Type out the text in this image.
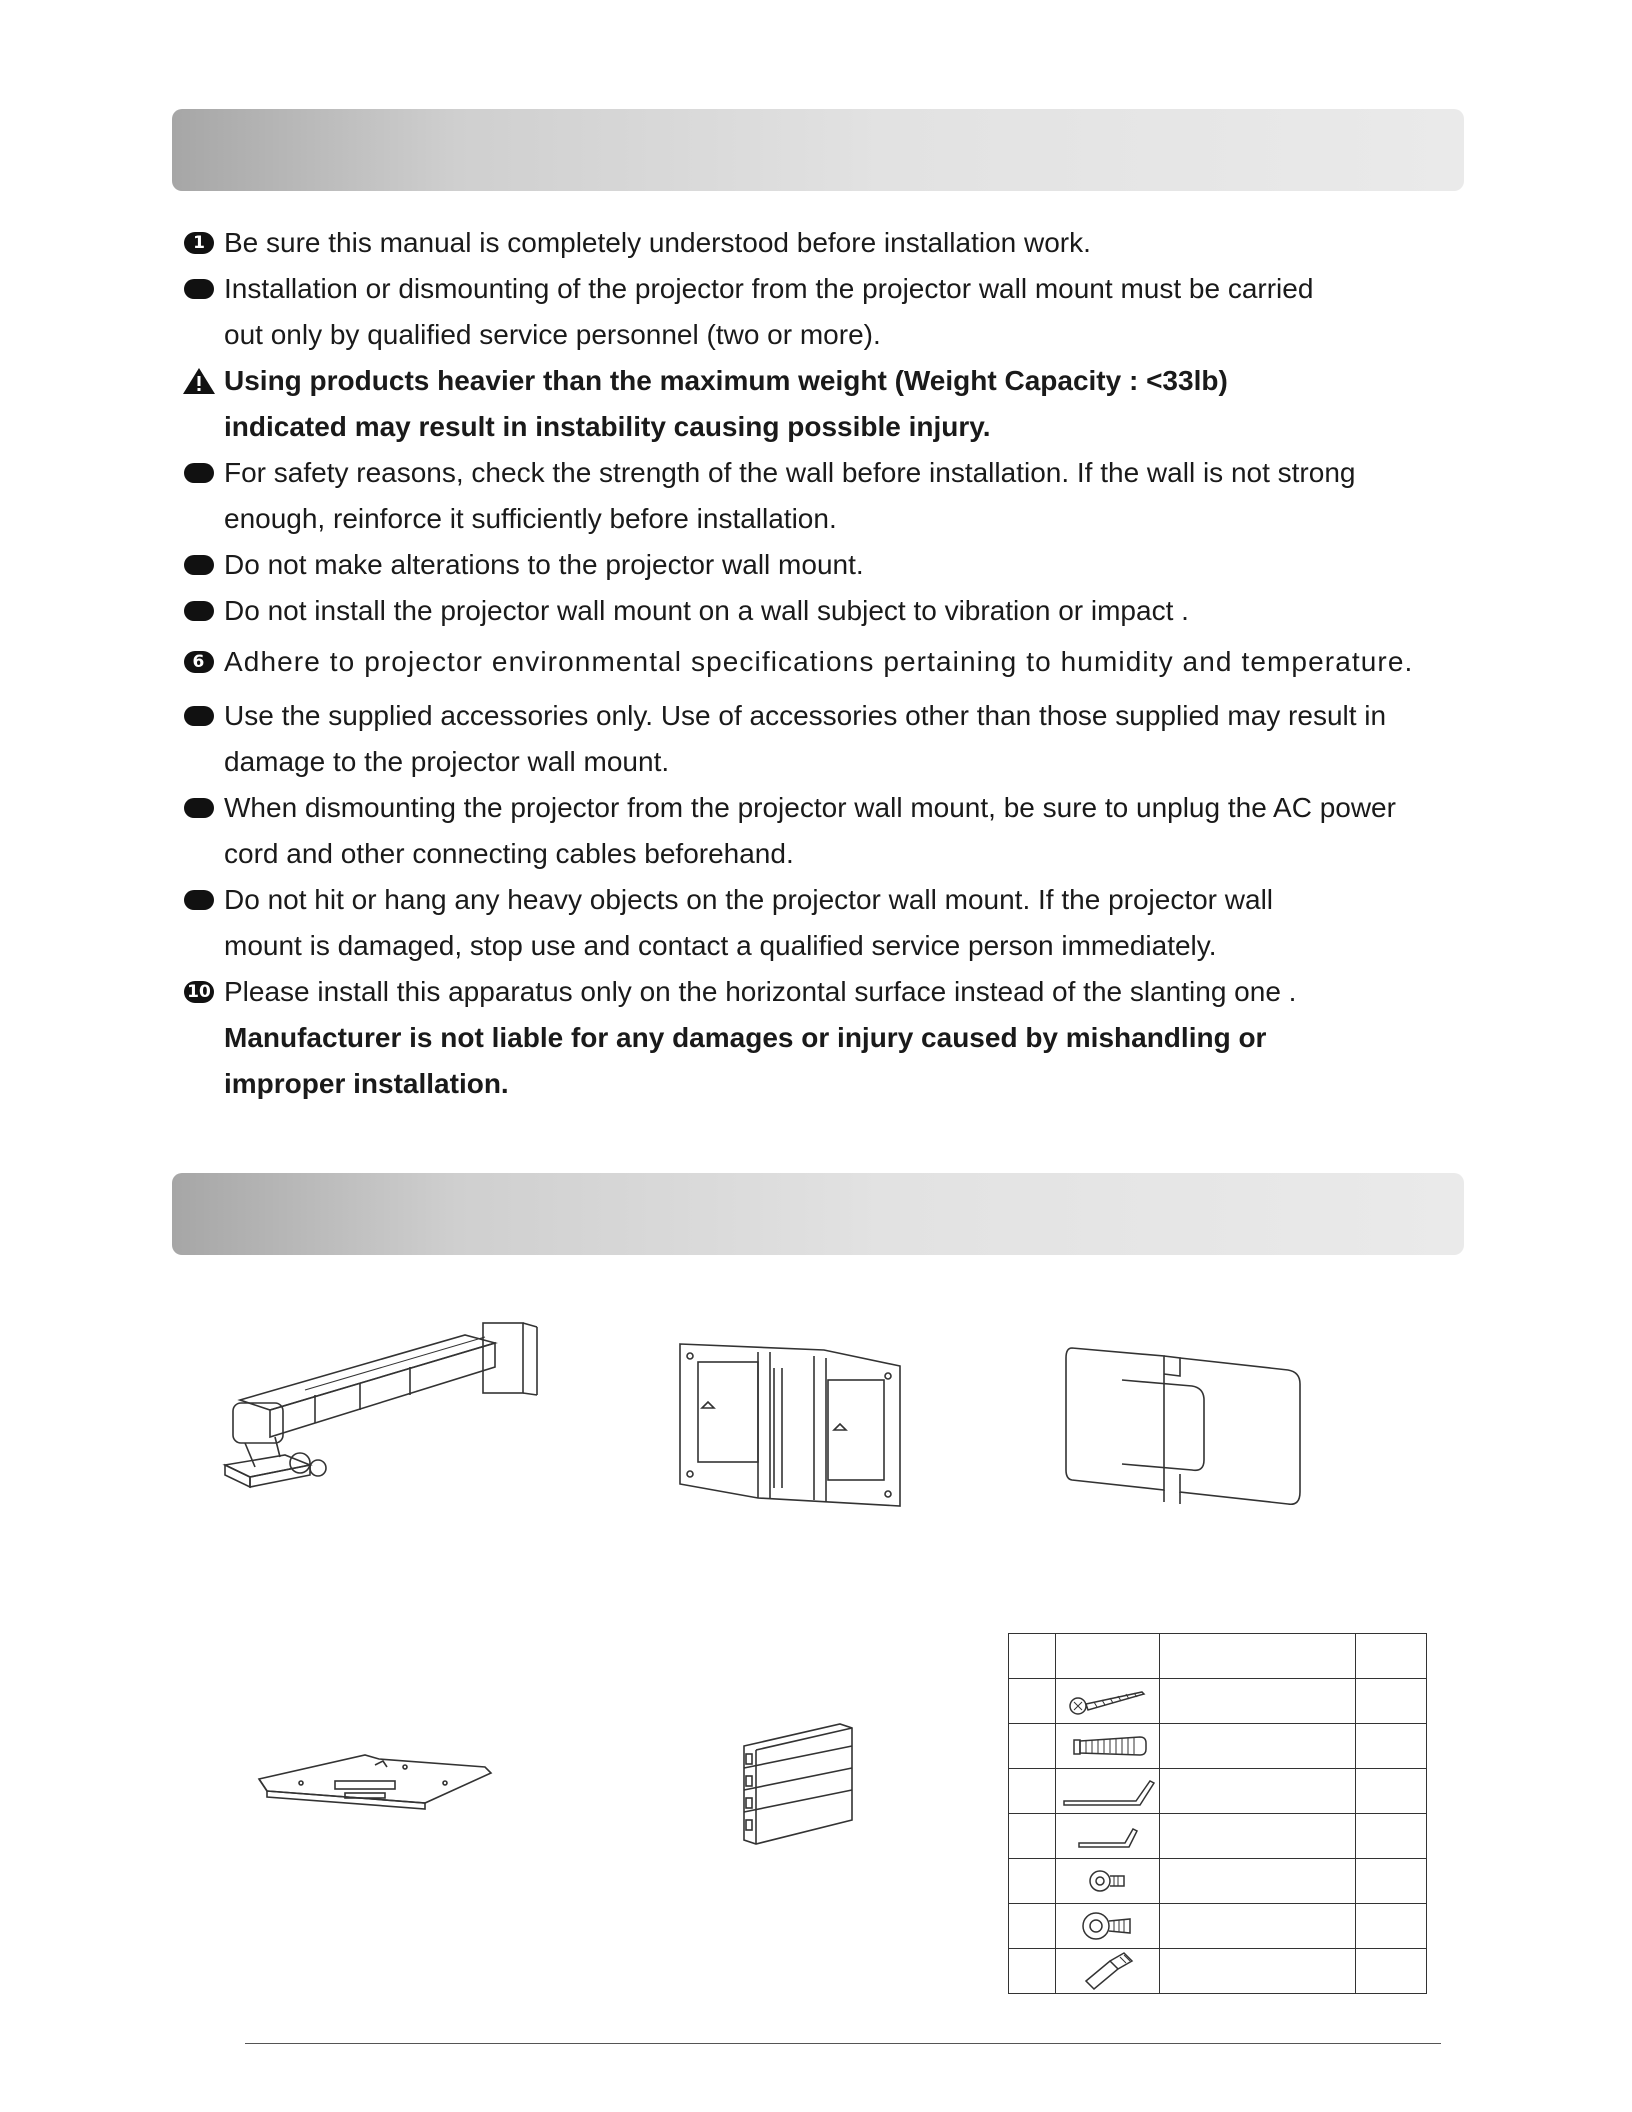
1 Be sure this manual is completely understood before installation work.
Installation or dismounting of the projector from the projector wall mount must be carried
out only by qualified service personnel (two or more).
Using products heavier than the maximum weight (Weight Capacity : <33lb)
indicated may result in instability causing possible injury.
For safety reasons, check the strength of the wall before installation. If the wall is not strong
enough, reinforce it sufficiently before installation.
Do not make alterations to the projector wall mount.
Do not install the projector wall mount on a wall subject to vibration or impact .
6 Adhere to projector environmental specifications pertaining to humidity and temperature.
Use the supplied accessories only. Use of accessories other than those supplied may result in
damage to the projector wall mount.
When dismounting the projector from the projector wall mount, be sure to unplug the AC power
cord and other connecting cables beforehand.
Do not hit or hang any heavy objects on the projector wall mount. If the projector wall
mount is damaged, stop use and contact a qualified service person immediately.
10 Please install this apparatus only on the horizontal surface instead of the slanting one .
Manufacturer is not liable for any damages or injury caused by mishandling or
improper installation.
